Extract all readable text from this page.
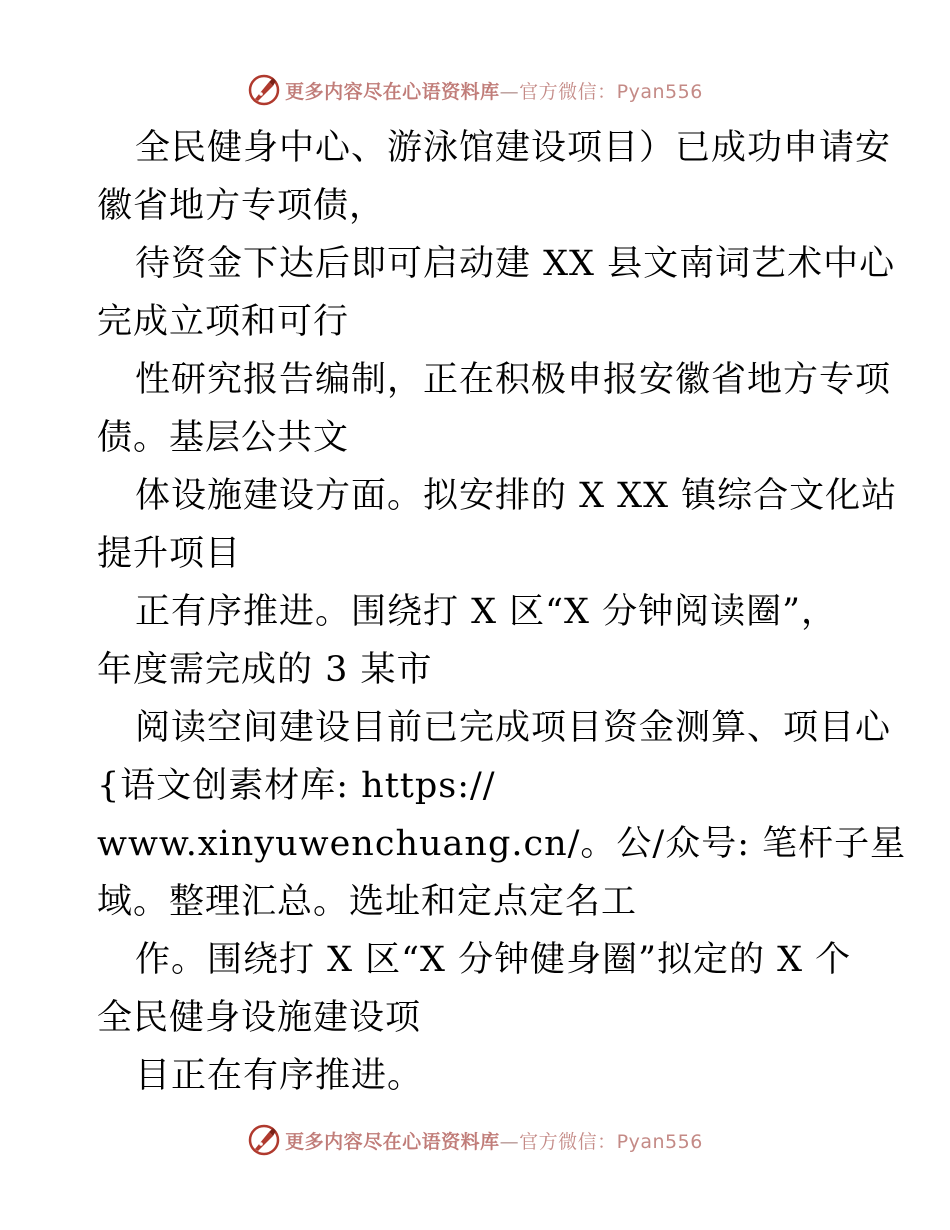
更多内容尽在心语资料库—官方微信：Pyan556
全民健身中心、游泳馆建设项目）已成功申请安
徽省地方专项债，
待资金下达后即可启动建 XX 县文南词艺术中心
完成立项和可行
性研究报告编制，正在积极申报安徽省地方专项
债。基层公共文
体设施建设方面。拟安排的 X XX 镇综合文化站
提升项目
正有序推进。围绕打 X 区“X 分钟阅读圈”，
年度需完成的 3 某市
阅读空间建设目前已完成项目资金测算、项目心
{语文创素材库: https://
www.xinyuwenchuang.cn/。公/众号: 笔杆子星
域。整理汇总。选址和定点定名工
作。围绕打 X 区“X 分钟健身圈”拟定的 X 个
全民健身设施建设项
目正在有序推进。
更多内容尽在心语资料库—官方微信：Pyan556
